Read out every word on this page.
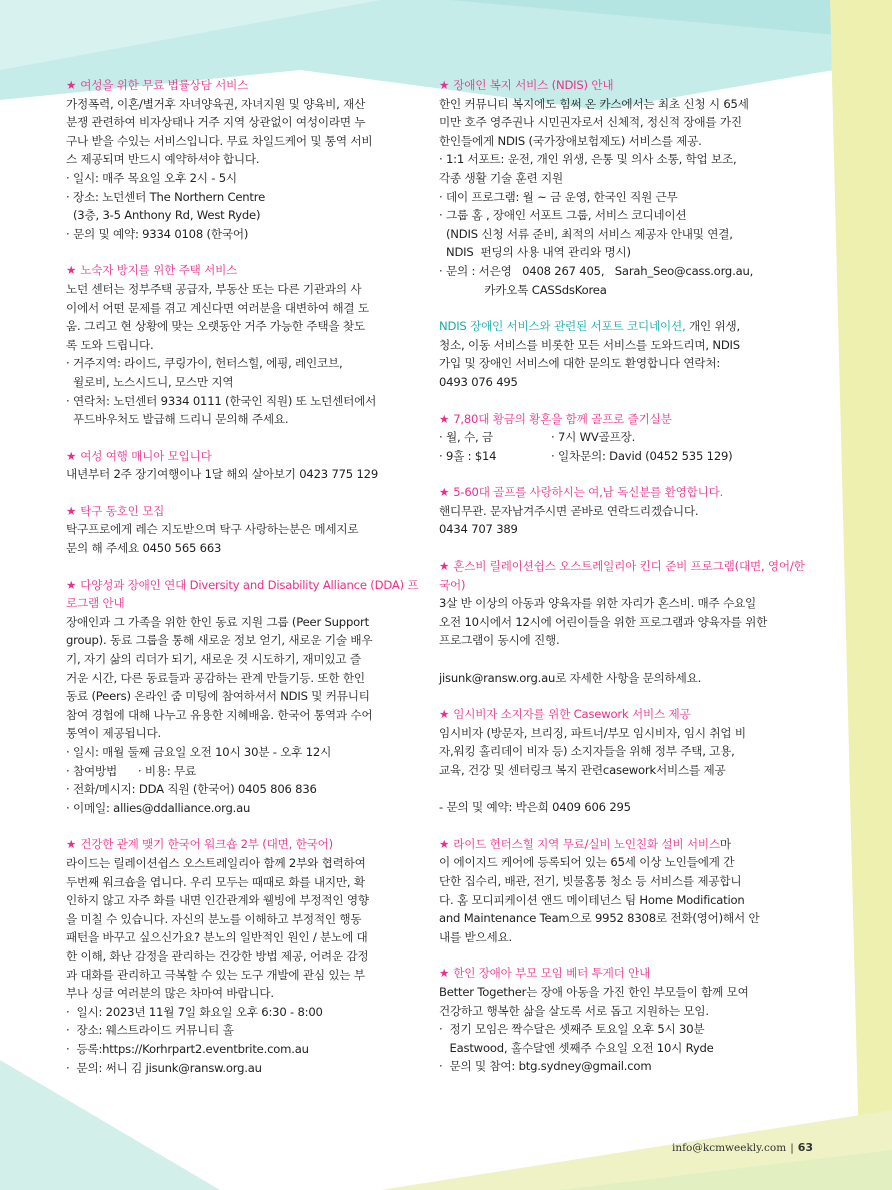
★ 여성을 위한 무료 법률상담 서비스
가정폭력, 이혼/별거후 자녀양육권, 자녀지원 및 양육비, 재산
분쟁 관련하여 비자상태나 거주 지역 상관없이 여성이라면 누
구나 받을 수있는 서비스입니다. 무료 차일드케어 및 통역 서비
스 제공되며 반드시 예약하셔야 합니다.
· 일시: 매주 목요일 오후 2시 - 5시
· 장소: 노던센터 The Northern Centre
(3층, 3-5 Anthony Rd, West Ryde)
· 문의 및 예약: 9334 0108 (한국어)
★ 노숙자 방지를 위한 주택 서비스
노던 센터는 정부주택 공급자, 부동산 또는 다른 기관과의 사
이에서 어떤 문제를 겪고 계신다면 여러분을 대변하여 해결 도
움. 그리고 현 상황에 맞는 오랫동안 거주 가능한 주택을 찾도
록 도와 드립니다.
· 거주지역: 라이드, 쿠링가이, 헌터스힐, 에핑, 레인코브,
윌로비, 노스시드니, 모스만 지역
· 연락처: 노던센터 9334 0111 (한국인 직원) 또 노던센터에서
푸드바우처도 발급해 드리니 문의해 주세요.
★ 여성 여행 매니아 모입니다
내년부터 2주 장기여행이나 1달 해외 살아보기 0423 775 129
★ 탁구 동호인 모집
탁구프로에게 레슨 지도받으며 탁구 사랑하는분은 메세지로
문의 해 주세요 0450 565 663
★ 다양성과 장애인 연대 Diversity and Disability Alliance (DDA) 프로그램 안내
장애인과 그 가족을 위한 한인 동료 지원 그룹 (Peer Support
group). 동료 그룹을 통해 새로운 정보 얻기, 새로운 기술 배우
기, 자기 삶의 리더가 되기, 새로운 것 시도하기, 재미있고 즐
거운 시간, 다른 동료들과 공감하는 관계 만들기등. 또한 한인
동료 (Peers) 온라인 줌 미팅에 참여하셔서 NDIS 및 커뮤니티
참여 경험에 대해 나누고 유용한 지혜배움. 한국어 통역과 수어
통역이 제공됩니다.
· 일시: 매월 둘째 금요일 오전 10시 30분 - 오후 12시
· 참여방법      · 비용: 무료
· 전화/메시지: DDA 직원 (한국어) 0405 806 836
· 이메일: allies@ddalliance.org.au
★ 건강한 관계 맺기 한국어 워크숍 2부 (대면, 한국어)
라이드는 릴레이션쉽스 오스트레일리아 함께 2부와 협력하여
두번째 워크숍을 엽니다. 우리 모두는 때때로 화를 내지만, 확
인하지 않고 자주 화를 내면 인간관계와 웰빙에 부정적인 영향
을 미칠 수 있습니다. 자신의 분노를 이해하고 부정적인 행동
패턴을 바꾸고 싶으신가요? 분노의 일반적인 원인 / 분노에 대
한 이해, 화난 감정을 관리하는 건강한 방법 제공, 어려운 감정
과 대화를 관리하고 극복할 수 있는 도구 개발에 관심 있는 부
부나 싱글 여러분의 많은 차마여 바랍니다.
·  일시: 2023년 11월 7일 화요일 오후 6:30 - 8:00
·  장소: 웨스트라이드 커뮤니티 홀
·  등록:https://Korhrpart2.eventbrite.com.au
·  문의: 써니 김 jisunk@ransw.org.au
★ 장애인 복지 서비스 (NDIS) 안내
한인 커뮤니티 복지에도 힘써 온 카스에서는 최초 신청 시 65세
미만 호주 영주권나 시민권자로서 신체적, 정신적 장애를 가진
한인들에게 NDIS (국가장애보험제도) 서비스를 제공.
· 1:1 서포트: 운전, 개인 위생, 은통 및 의사 소통, 학업 보조,
각종 생활 기술 훈련 지원
· 데이 프로그램: 월 ~ 금 운영, 한국인 직원 근무
· 그룹 홈 , 장애인 서포트 그룹, 서비스 코디네이션
(NDIS 신청 서류 준비, 최적의 서비스 제공자 안내및 연결,
NDIS  펀딩의 사용 내역 관리와 명시)
· 문의 : 서은영   0408 267 405,   Sarah_Seo@cass.org.au,
카카오톡 CASSdsKorea
NDIS 장애인 서비스와 관련된 서포트 코디네이션, 개인 위생,
청소, 이동 서비스를 비롯한 모든 서비스를 도와드리며, NDIS
가입 및 장애인 서비스에 대한 문의도 환영합니다 연락처:
0493 076 495
★ 7,80대 황금의 황혼을 함께 골프로 즐기실분
· 월, 수, 금	· 7시 WV골프장.
· 9홀 : $14	· 일차문의: David (0452 535 129)
★ 5-60대 골프를 사랑하시는 여,남 독신분를 환영합니다.
핸디무관. 문자남겨주시면 곧바로 연락드리겠습니다.
0434 707 389
★ 혼스비 릴레이션쉽스 오스트레일리아 킨디 준비 프로그램(대면, 영어/한국어)
3살 반 이상의 아동과 양육자를 위한 자리가 혼스비. 매주 수요일
오전 10시에서 12시에 어린이들을 위한 프로그램과 양육자를 위한
프로그램이 동시에 진행.
jisunk@ransw.org.au로 자세한 사항을 문의하세요.
★ 임시비자 소지자를 위한 Casework 서비스 제공
임시비자 (방문자, 브리징, 파트너/부모 임시비자, 임시 취업 비
자,워킹 홀리데이 비자 등) 소지자들을 위해 정부 주택, 고용,
교육, 건강 및 센터링크 복지 관련casework서비스를 제공
- 문의 및 예약: 박은희 0409 606 295
★ 라이드 헌터스힐 지역 무료/실비 노인친화 설비 서비스마
이 에이지드 케어에 등록되어 있는 65세 이상 노인들에게 간
단한 집수리, 배관, 전기, 빗물홈통 청소 등 서비스를 제공합니
다. 홈 모디피케이션 앤드 메이테넌스 팀 Home Modification
and Maintenance Team으로 9952 8308로 전화(영어)해서 안
내를 받으세요.
★ 한인 장애아 부모 모임 베터 투게더 안내
Better Together는 장애 아동을 가진 한인 부모들이 함께 모여
건강하고 행복한 삶을 살도록 서로 돕고 지원하는 모임.
·  정기 모임은 짝수달은 셋째주 토요일 오후 5시 30분
Eastwood, 홀수달엔 셋째주 수요일 오전 10시 Ryde
·  문의 및 참여: btg.sydney@gmail.com
info@kcmweekly.com | 63
